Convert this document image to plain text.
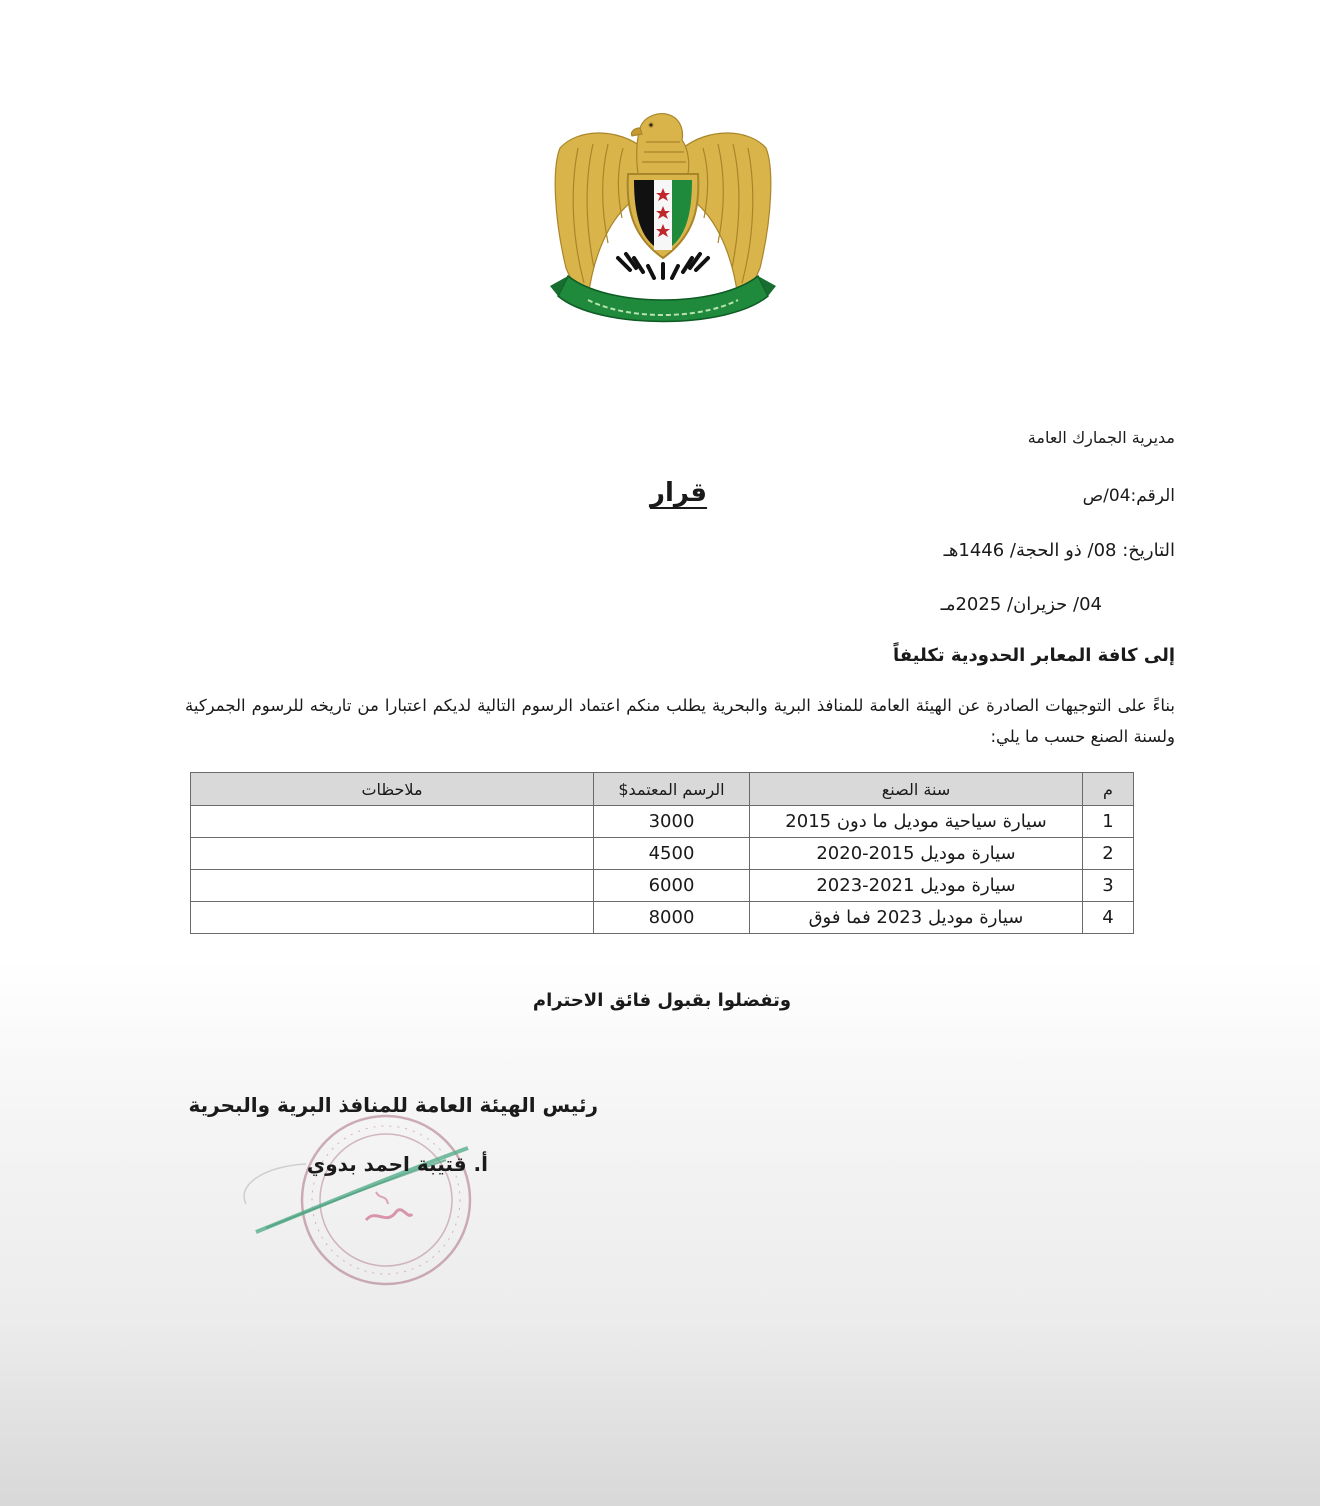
مديرية الجمارك العامة
قرار	الرقم:04/ص
التاريخ: 08/ ذو الحجة/ 1446هـ
04/ حزيران/ 2025مـ
إلى كافة المعابر الحدودية تكليفاً
بناءً على التوجيهات الصادرة عن الهيئة العامة للمنافذ البرية والبحرية يطلب منكم اعتماد الرسوم التالية لديكم اعتبارا من تاريخه للرسوم الجمركية ولسنة الصنع حسب ما يلي:
م	سنة الصنع	الرسم المعتمد$	ملاحظات
1	سيارة سياحية موديل ما دون 2015	3000	
2	سيارة موديل 2015-2020	4500	
3	سيارة موديل 2021-2023	6000	
4	سيارة موديل 2023 فما فوق	8000	
وتفضلوا بقبول فائق الاحترام
رئيس الهيئة العامة للمنافذ البرية والبحرية
أ. قتيبة احمد بدوي
